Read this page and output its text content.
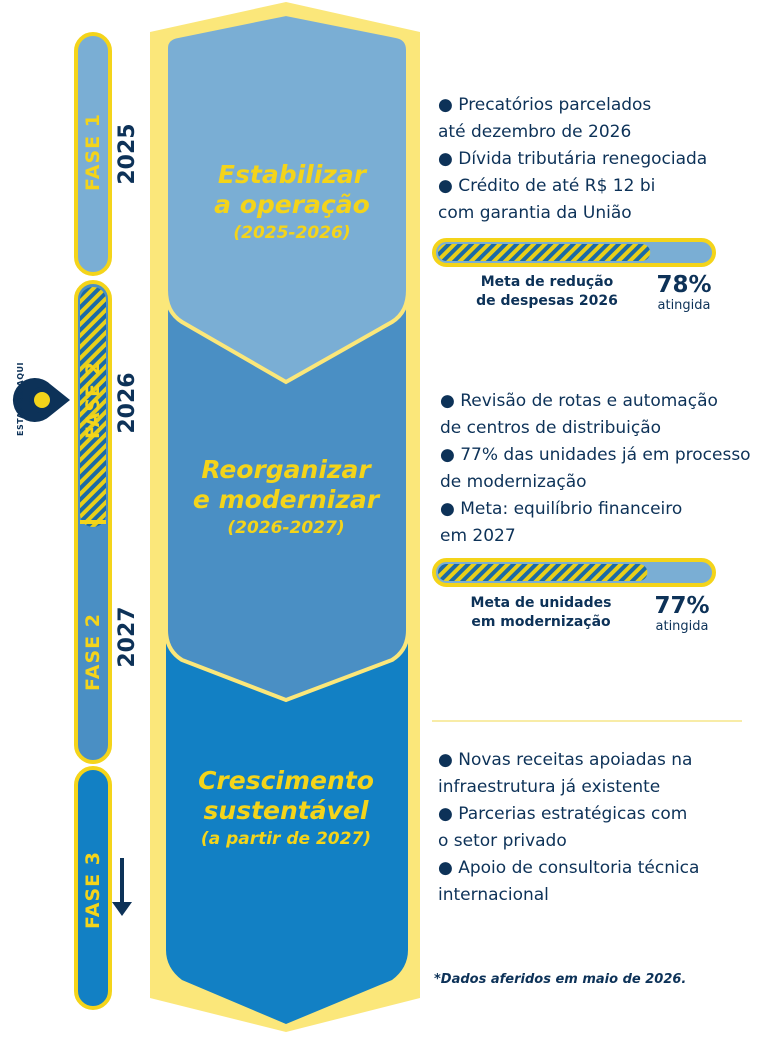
FASE 1
FASE 2
FASE 2
FASE 3
2025
2026
2027
ESTAMOS AQUI
Estabilizar
a operação
(2025-2026)
Reorganizar
e modernizar
(2026-2027)
Crescimento
sustentável
(a partir de 2027)
● Precatórios parcelados
até dezembro de 2026
● Dívida tributária renegociada
● Crédito de até R$ 12 bi
com garantia da União
● Revisão de rotas e automação
de centros de distribuição
● 77% das unidades já em processo
de modernização
● Meta: equilíbrio financeiro
em 2027
● Novas receitas apoiadas na
infraestrutura já existente
● Parcerias estratégicas com
o setor privado
● Apoio de consultoria técnica
internacional
Meta de redução
de despesas 2026
78%
atingida
Meta de unidades
em modernização
77%
atingida
*Dados aferidos em maio de 2026.
